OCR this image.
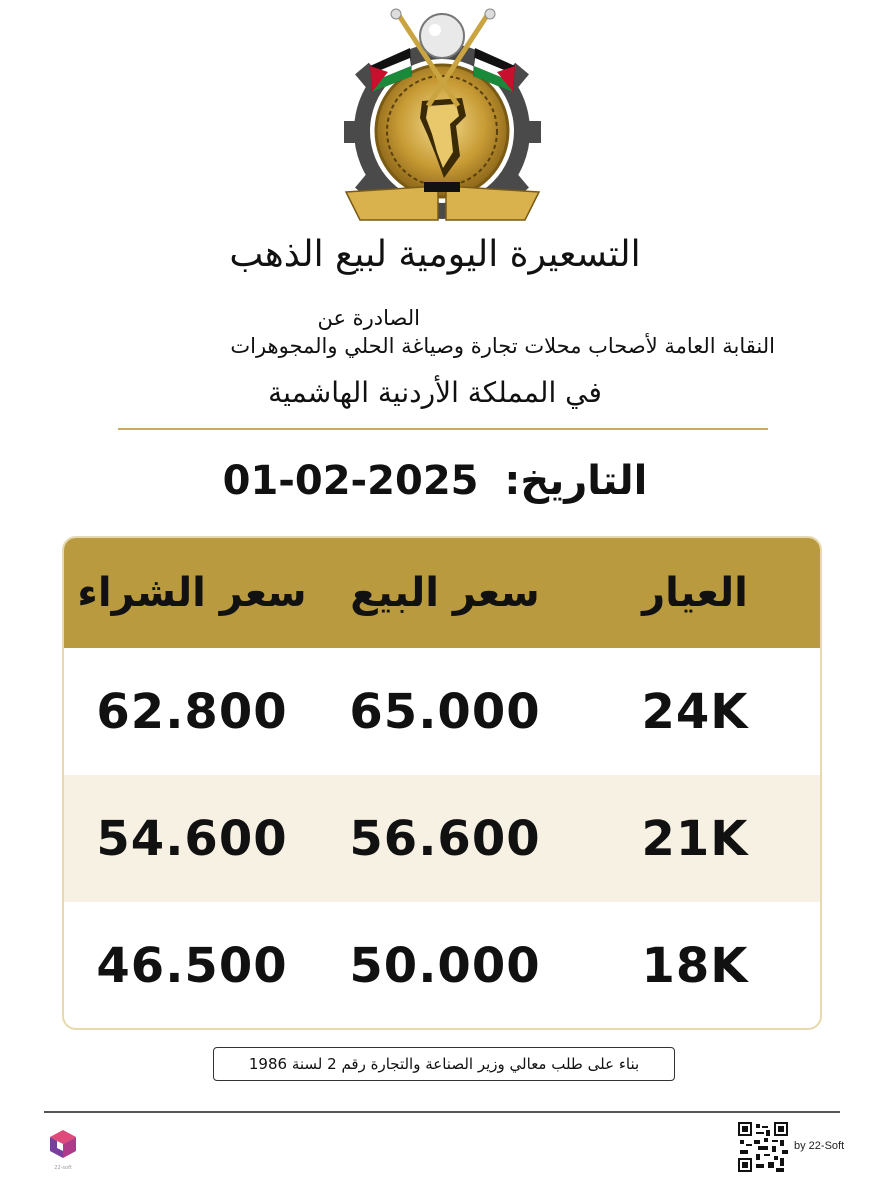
التسعيرة اليومية لبيع الذهب
الصادرة عن
النقابة العامة لأصحاب محلات تجارة وصياغة الحلي والمجوهرات
في المملكة الأردنية الهاشمية
01-02-2025 التاريخ:
العيار
سعر البيع
سعر الشراء
24K
65.000
62.800
21K
56.600
54.600
18K
50.000
46.500
بناء على طلب معالي وزير الصناعة والتجارة رقم 2 لسنة 1986
22-soft
by 22-Soft
